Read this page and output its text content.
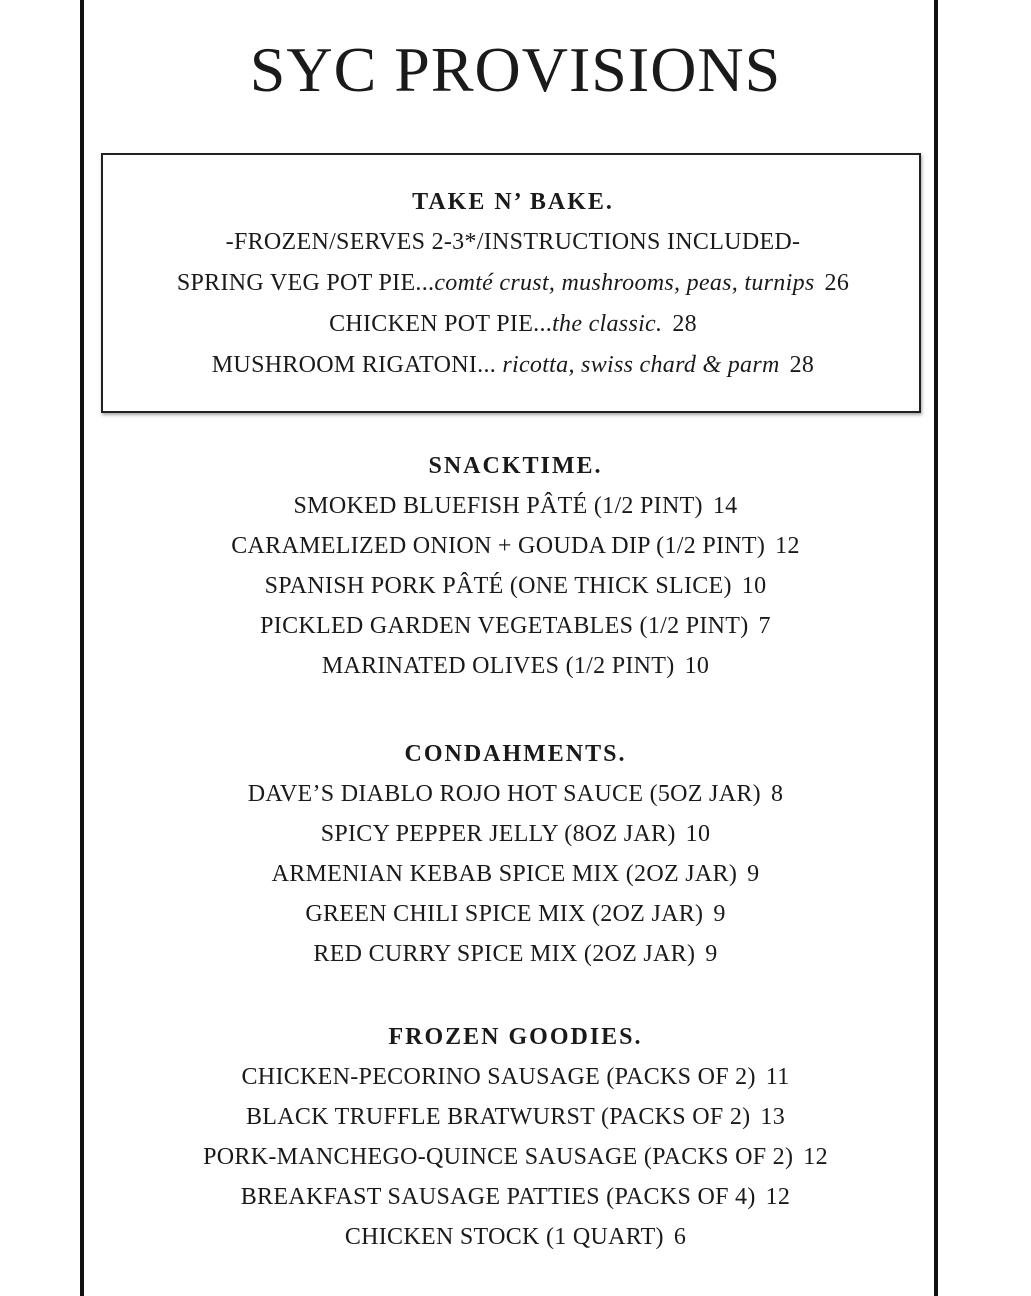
SYC PROVISIONS
TAKE N’ BAKE.
-FROZEN/SERVES 2-3*/INSTRUCTIONS INCLUDED-
SPRING VEG POT PIE...comté crust, mushrooms, peas, turnips 26
CHICKEN POT PIE...the classic. 28
MUSHROOM RIGATONI... ricotta, swiss chard & parm 28
SNACKTIME.
SMOKED BLUEFISH PÂTÉ (1/2 PINT) 14
CARAMELIZED ONION + GOUDA DIP (1/2 PINT) 12
SPANISH PORK PÂTÉ (ONE THICK SLICE) 10
PICKLED GARDEN VEGETABLES (1/2 PINT) 7
MARINATED OLIVES (1/2 PINT) 10
CONDAHMENTS.
DAVE’S DIABLO ROJO HOT SAUCE (5OZ JAR) 8
SPICY PEPPER JELLY (8OZ JAR) 10
ARMENIAN KEBAB SPICE MIX (2OZ JAR) 9
GREEN CHILI SPICE MIX (2OZ JAR) 9
RED CURRY SPICE MIX (2OZ JAR) 9
FROZEN GOODIES.
CHICKEN-PECORINO SAUSAGE (PACKS OF 2) 11
BLACK TRUFFLE BRATWURST (PACKS OF 2) 13
PORK-MANCHEGO-QUINCE SAUSAGE (PACKS OF 2) 12
BREAKFAST SAUSAGE PATTIES (PACKS OF 4) 12
CHICKEN STOCK (1 QUART) 6
